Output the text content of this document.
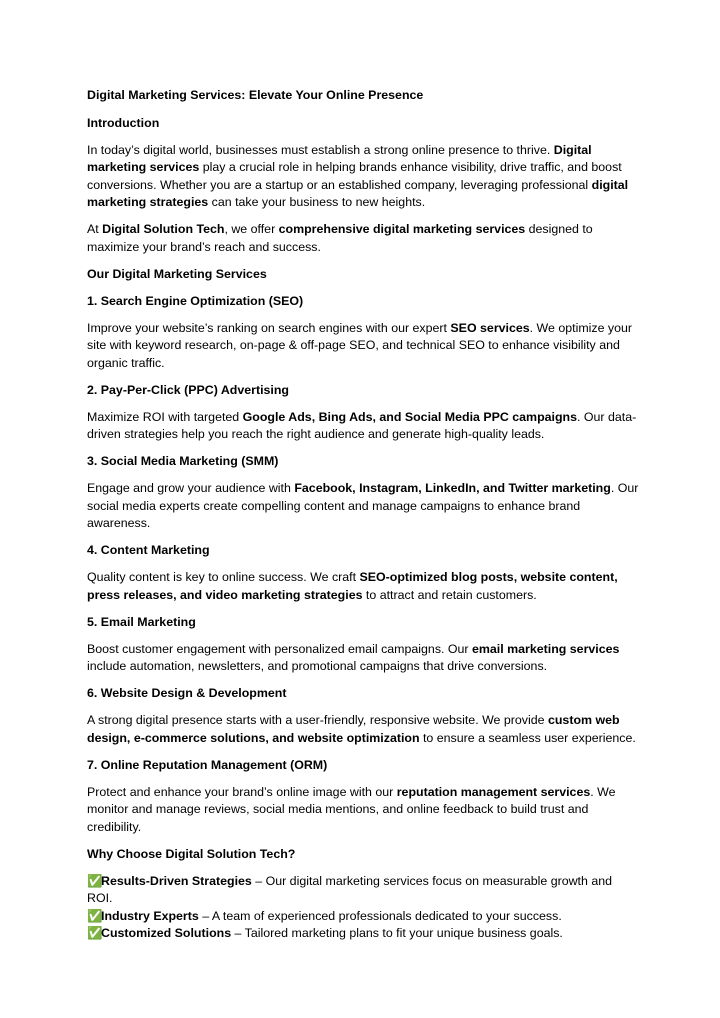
Digital Marketing Services: Elevate Your Online Presence
Introduction
In today’s digital world, businesses must establish a strong online presence to thrive. Digital marketing services play a crucial role in helping brands enhance visibility, drive traffic, and boost conversions. Whether you are a startup or an established company, leveraging professional digital marketing strategies can take your business to new heights.
At Digital Solution Tech, we offer comprehensive digital marketing services designed to maximize your brand’s reach and success.
Our Digital Marketing Services
1. Search Engine Optimization (SEO)
Improve your website’s ranking on search engines with our expert SEO services. We optimize your site with keyword research, on-page & off-page SEO, and technical SEO to enhance visibility and organic traffic.
2. Pay-Per-Click (PPC) Advertising
Maximize ROI with targeted Google Ads, Bing Ads, and Social Media PPC campaigns. Our data-driven strategies help you reach the right audience and generate high-quality leads.
3. Social Media Marketing (SMM)
Engage and grow your audience with Facebook, Instagram, LinkedIn, and Twitter marketing. Our social media experts create compelling content and manage campaigns to enhance brand awareness.
4. Content Marketing
Quality content is key to online success. We craft SEO-optimized blog posts, website content, press releases, and video marketing strategies to attract and retain customers.
5. Email Marketing
Boost customer engagement with personalized email campaigns. Our email marketing services include automation, newsletters, and promotional campaigns that drive conversions.
6. Website Design & Development
A strong digital presence starts with a user-friendly, responsive website. We provide custom web design, e-commerce solutions, and website optimization to ensure a seamless user experience.
7. Online Reputation Management (ORM)
Protect and enhance your brand’s online image with our reputation management services. We monitor and manage reviews, social media mentions, and online feedback to build trust and credibility.
Why Choose Digital Solution Tech?
✅Results-Driven Strategies – Our digital marketing services focus on measurable growth and ROI.
✅Industry Experts – A team of experienced professionals dedicated to your success.
✅Customized Solutions – Tailored marketing plans to fit your unique business goals.
